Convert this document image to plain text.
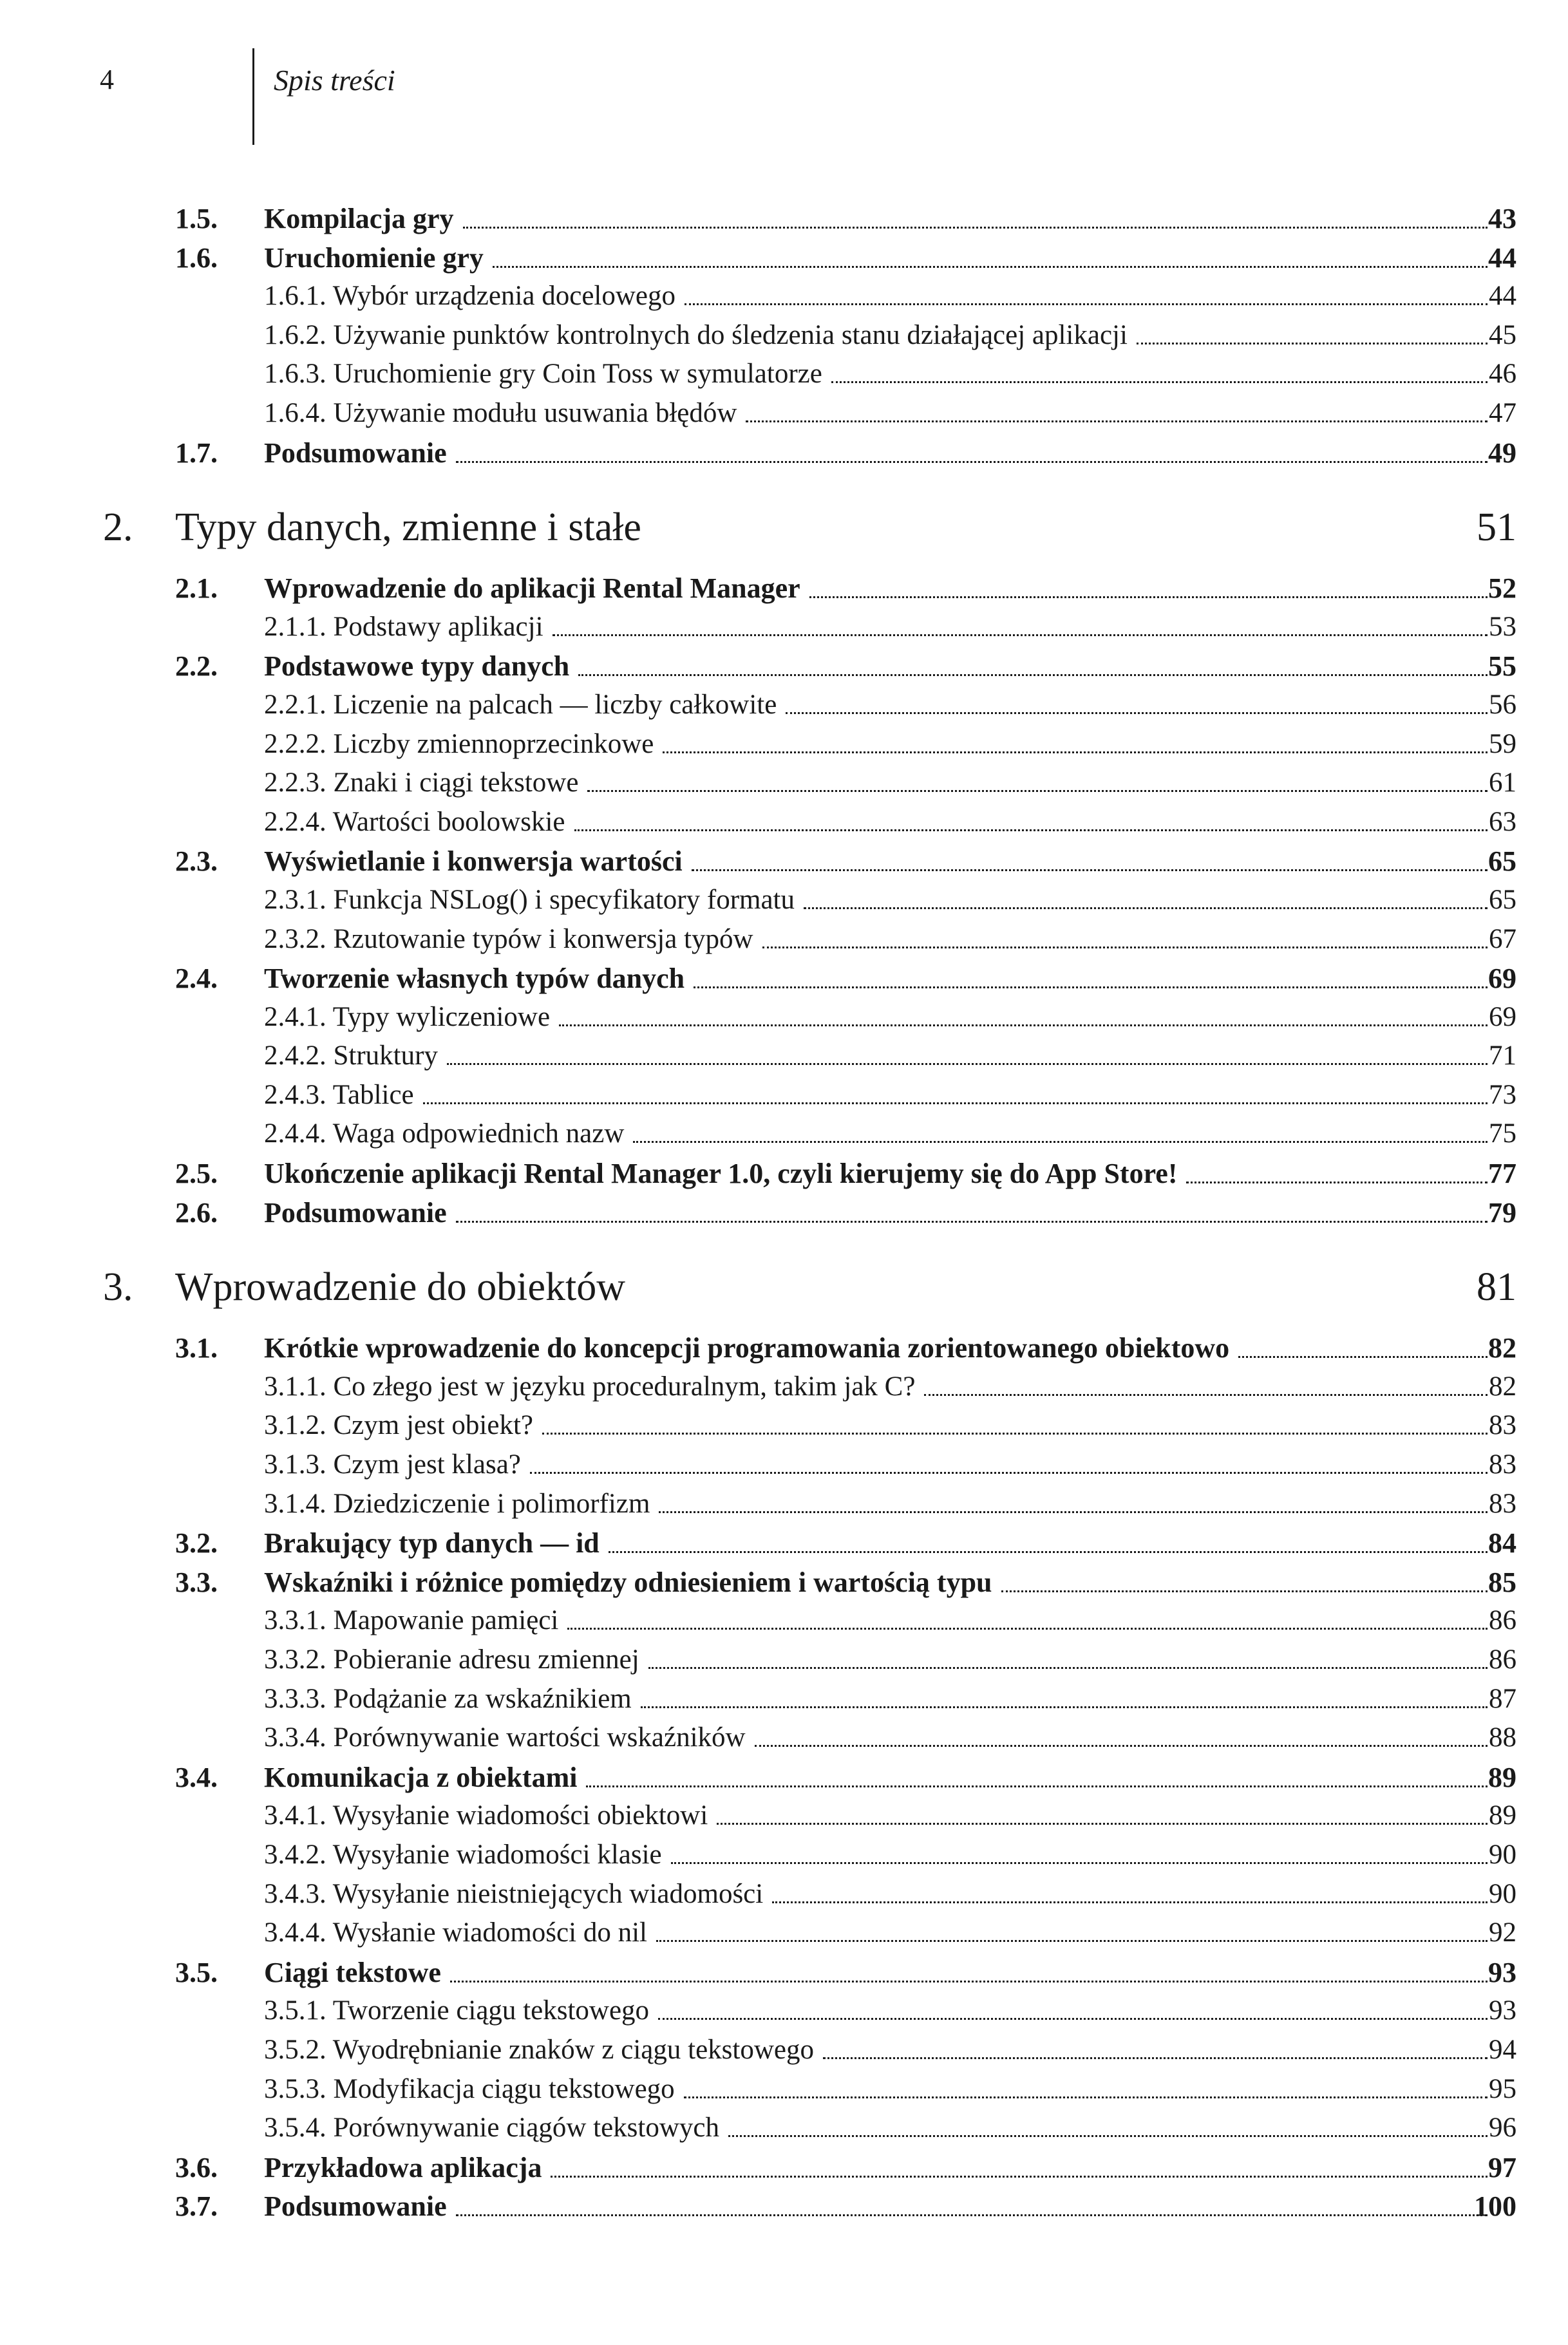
4	Spis treści
1.5. Kompilacja gry	43
1.6. Uruchomienie gry	44
1.6.1. Wybór urządzenia docelowego	44
1.6.2. Używanie punktów kontrolnych do śledzenia stanu działającej aplikacji	45
1.6.3. Uruchomienie gry Coin Toss w symulatorze	46
1.6.4. Używanie modułu usuwania błędów	47
1.7. Podsumowanie	49
2. Typy danych, zmienne i stałe	51
2.1. Wprowadzenie do aplikacji Rental Manager	52
2.1.1. Podstawy aplikacji	53
2.2. Podstawowe typy danych	55
2.2.1. Liczenie na palcach — liczby całkowite	56
2.2.2. Liczby zmiennoprzecinkowe	59
2.2.3. Znaki i ciągi tekstowe	61
2.2.4. Wartości boolowskie	63
2.3. Wyświetlanie i konwersja wartości	65
2.3.1. Funkcja NSLog() i specyfikatory formatu	65
2.3.2. Rzutowanie typów i konwersja typów	67
2.4. Tworzenie własnych typów danych	69
2.4.1. Typy wyliczeniowe	69
2.4.2. Struktury	71
2.4.3. Tablice	73
2.4.4. Waga odpowiednich nazw	75
2.5. Ukończenie aplikacji Rental Manager 1.0, czyli kierujemy się do App Store!	77
2.6. Podsumowanie	79
3. Wprowadzenie do obiektów	81
3.1. Krótkie wprowadzenie do koncepcji programowania zorientowanego obiektowo	82
3.1.1. Co złego jest w języku proceduralnym, takim jak C?	82
3.1.2. Czym jest obiekt?	83
3.1.3. Czym jest klasa?	83
3.1.4. Dziedziczenie i polimorfizm	83
3.2. Brakujący typ danych — id	84
3.3. Wskaźniki i różnice pomiędzy odniesieniem i wartością typu	85
3.3.1. Mapowanie pamięci	86
3.3.2. Pobieranie adresu zmiennej	86
3.3.3. Podążanie za wskaźnikiem	87
3.3.4. Porównywanie wartości wskaźników	88
3.4. Komunikacja z obiektami	89
3.4.1. Wysyłanie wiadomości obiektowi	89
3.4.2. Wysyłanie wiadomości klasie	90
3.4.3. Wysyłanie nieistniejących wiadomości	90
3.4.4. Wysłanie wiadomości do nil	92
3.5. Ciągi tekstowe	93
3.5.1. Tworzenie ciągu tekstowego	93
3.5.2. Wyodrębnianie znaków z ciągu tekstowego	94
3.5.3. Modyfikacja ciągu tekstowego	95
3.5.4. Porównywanie ciągów tekstowych	96
3.6. Przykładowa aplikacja	97
3.7. Podsumowanie	100
